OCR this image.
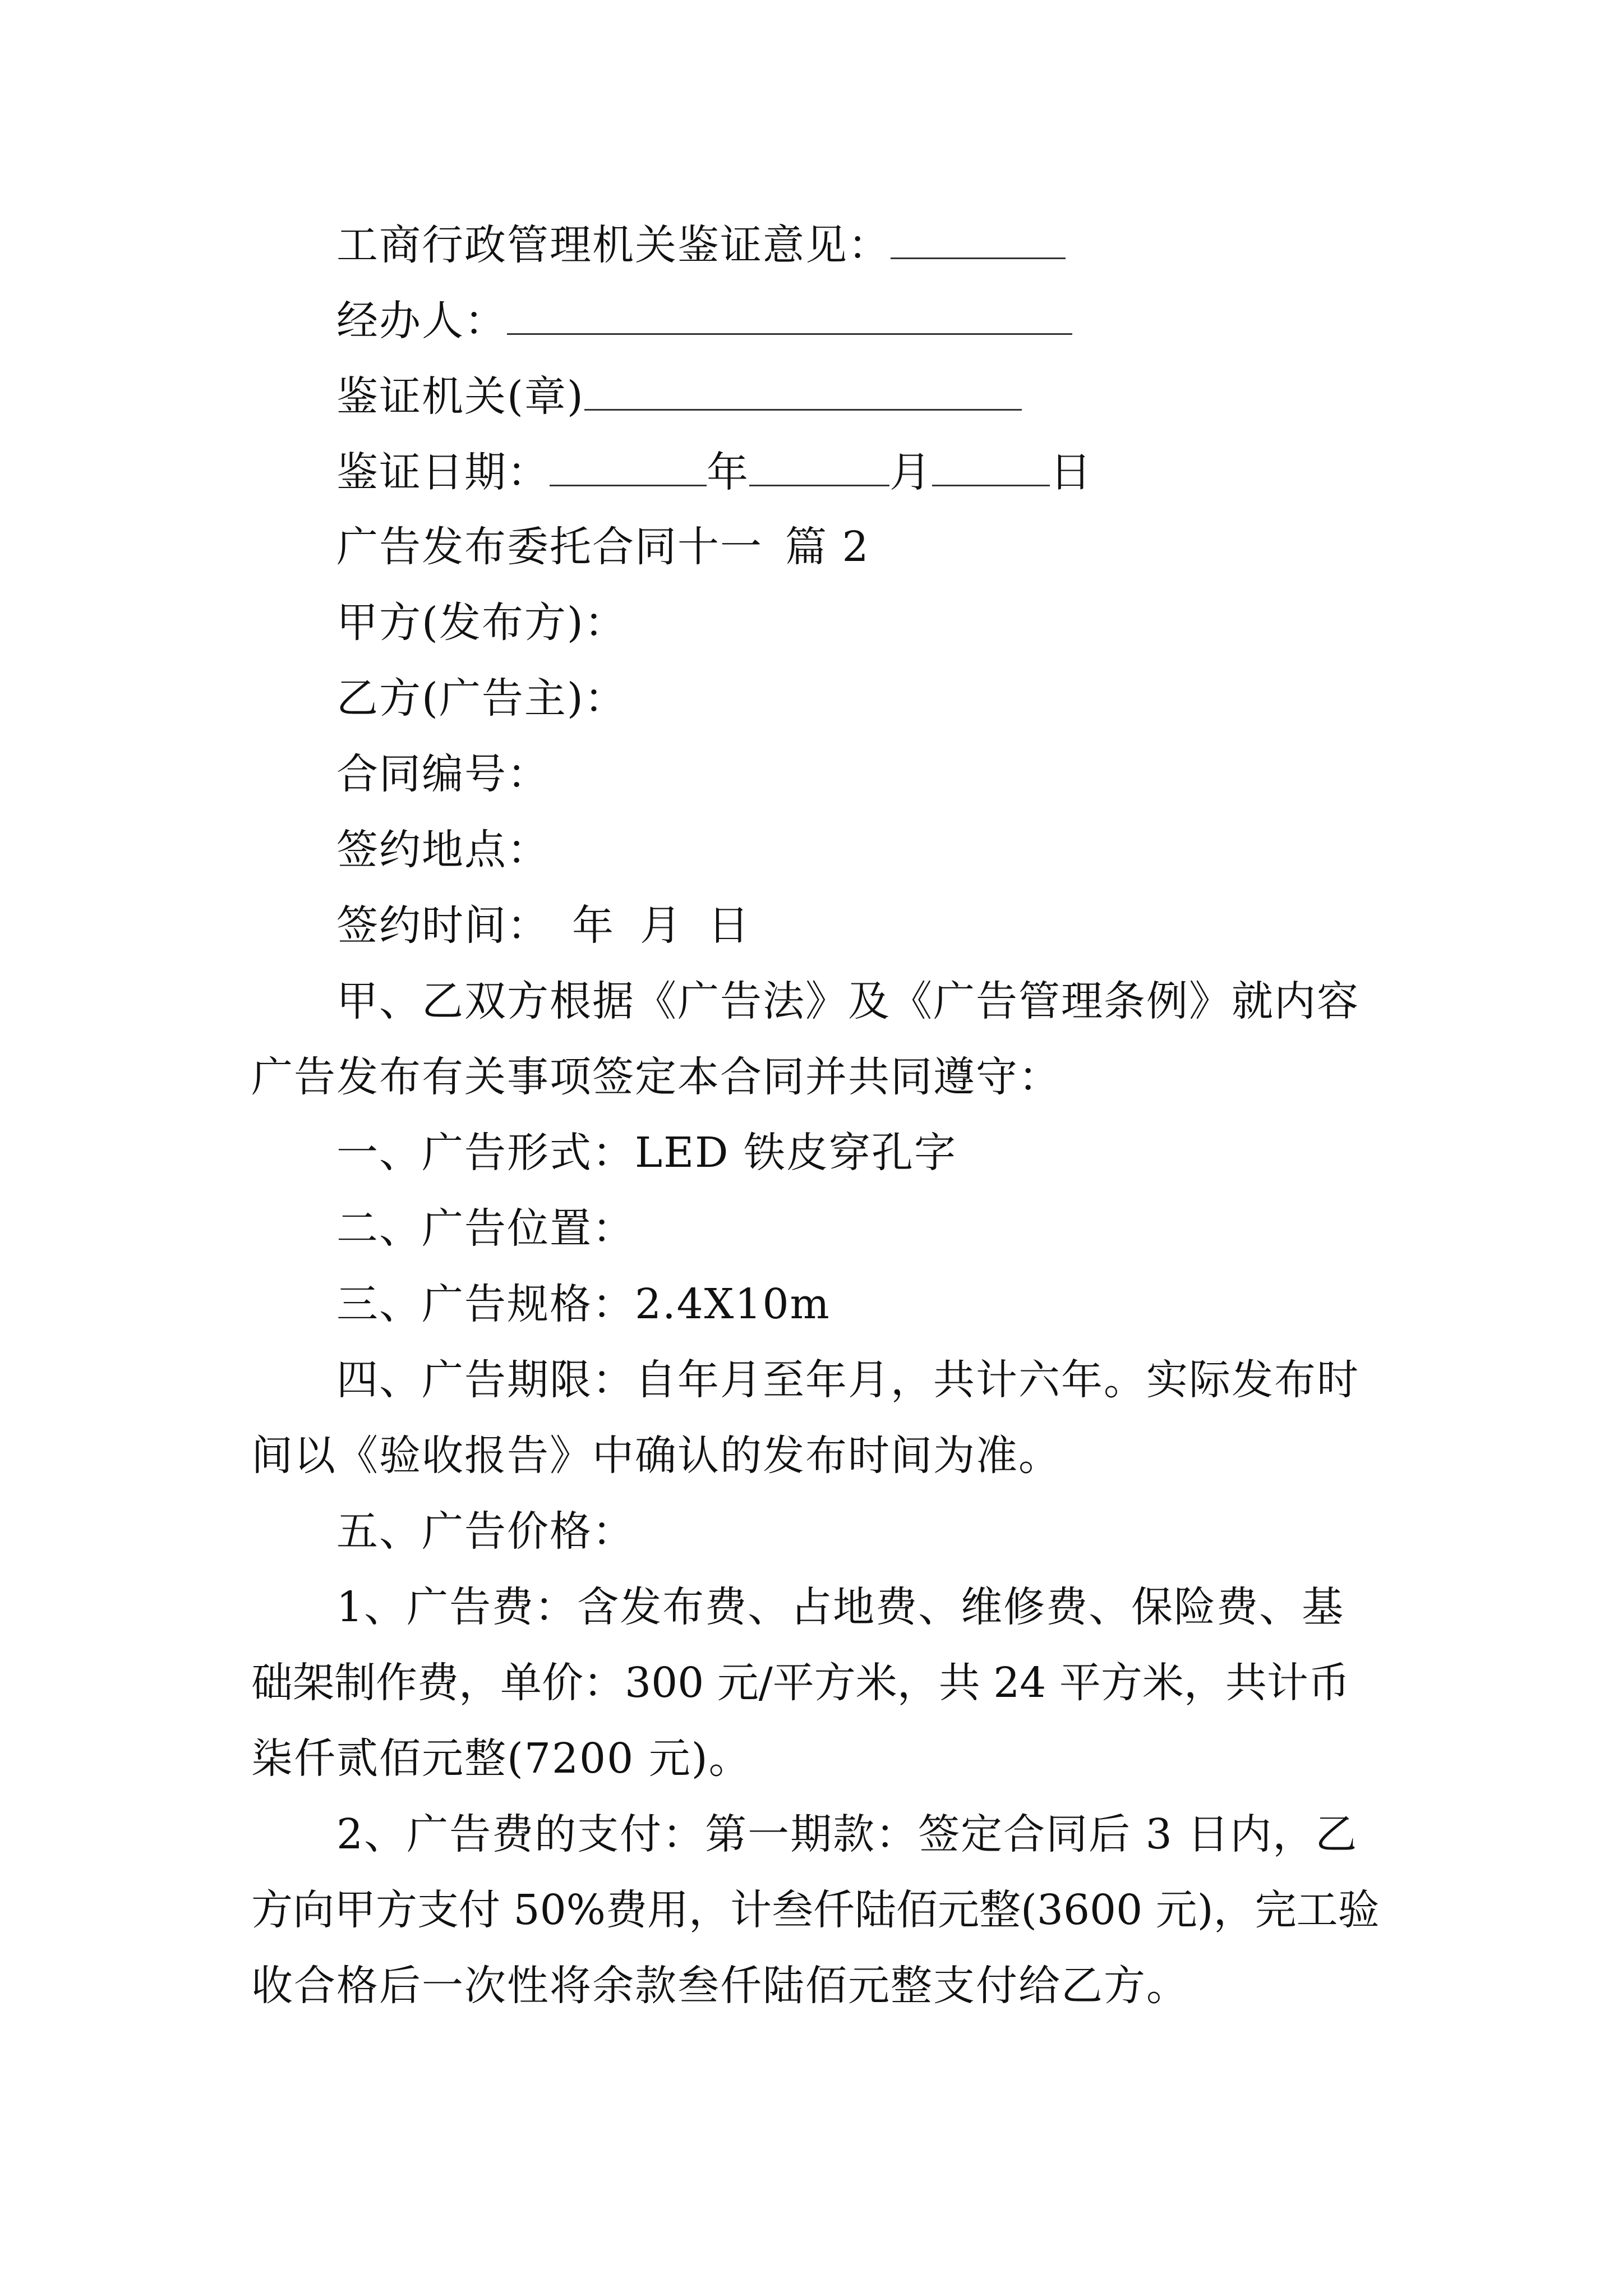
工商行政管理机关鉴证意见：
经办人：
鉴证机关(章)
鉴证日期：	年	月	日
广告发布委托合同十一 篇 2
甲方(发布方)：
乙方(广告主)：
合同编号：
签约地点：
签约时间： 年 月 日
甲、乙双方根据《广告法》及《广告管理条例》就内容
广告发布有关事项签定本合同并共同遵守：
一、广告形式：LED 铁皮穿孔字
二、广告位置：
三、广告规格：2.4X10m
四、广告期限：自年月至年月，共计六年。实际发布时
间以《验收报告》中确认的发布时间为准。
五、广告价格：
1、广告费：含发布费、占地费、维修费、保险费、基
础架制作费，单价：300 元/平方米，共 24 平方米，共计币
柒仟贰佰元整(7200 元)。
2、广告费的支付：第一期款：签定合同后 3 日内，乙
方向甲方支付 50%费用，计叁仟陆佰元整(3600 元)，完工验
收合格后一次性将余款叁仟陆佰元整支付给乙方。
